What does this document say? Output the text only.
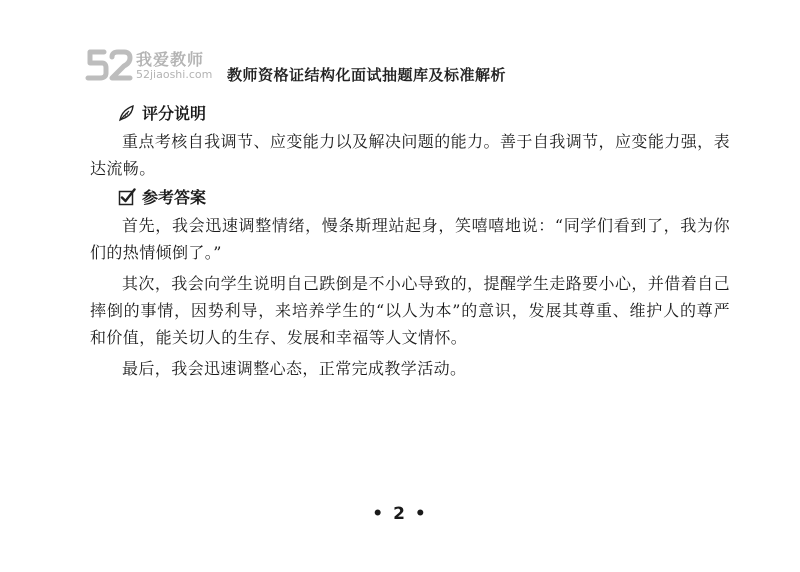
我爱教师
52jiaoshi.com 教师资格证结构化面试抽题库及标准解析
评分说明

重点考核自我调节、应变能力以及解决问题的能力。善于自我调节，应变能力强，表达流畅。

参考答案

首先，我会迅速调整情绪，慢条斯理站起身，笑嘻嘻地说：“同学们看到了，我为你们的热情倾倒了。”

其次，我会向学生说明自己跌倒是不小心导致的，提醒学生走路要小心，并借着自己摔倒的事情，因势利导，来培养学生的“以人为本”的意识，发展其尊重、维护人的尊严和价值，能关切人的生存、发展和幸福等人文情怀。

最后，我会迅速调整心态，正常完成教学活动。

• 2 •
